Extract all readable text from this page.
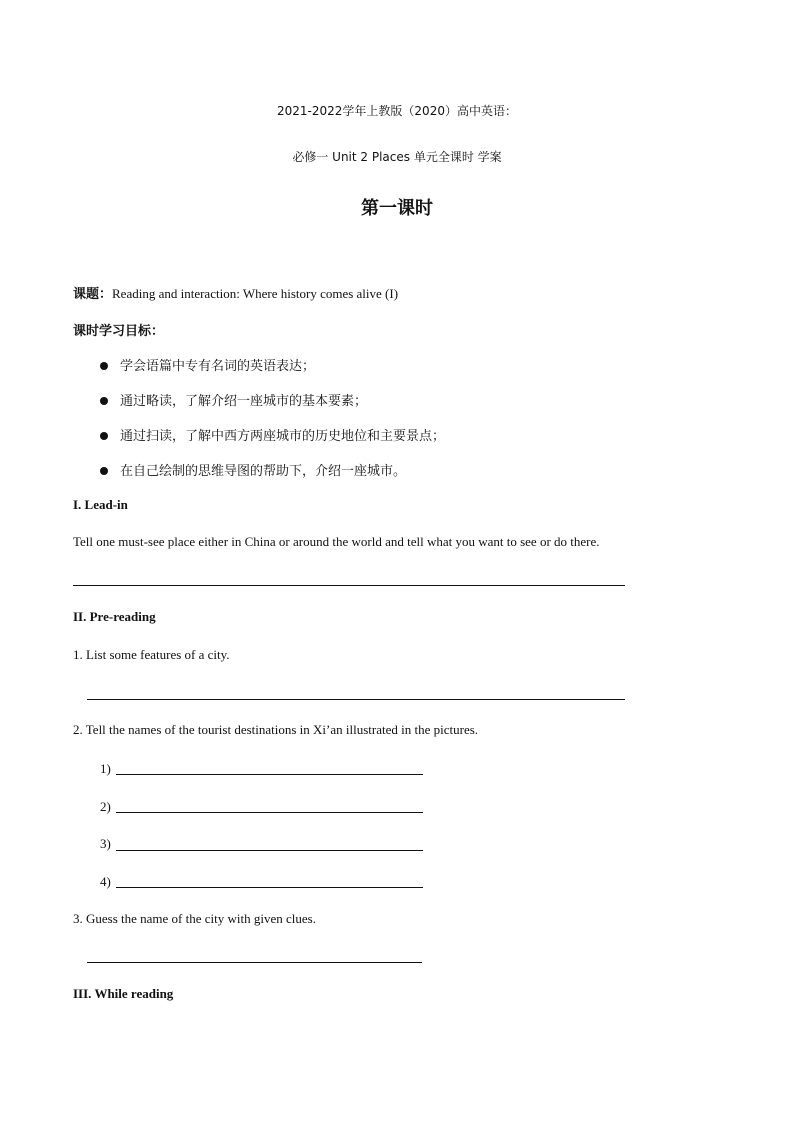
2021-2022学年上教版（2020）高中英语：
必修一 Unit 2 Places 单元全课时 学案
第一课时
课题：Reading and interaction: Where history comes alive (I)
课时学习目标：
学会语篇中专有名词的英语表达；
通过略读，了解介绍一座城市的基本要素；
通过扫读，了解中西方两座城市的历史地位和主要景点；
在自己绘制的思维导图的帮助下，介绍一座城市。
I. Lead-in
Tell one must-see place either in China or around the world and tell what you want to see or do there.
II. Pre-reading
1. List some features of a city.
2. Tell the names of the tourist destinations in Xi’an illustrated in the pictures.
1)
2)
3)
4)
3. Guess the name of the city with given clues.
III. While reading
